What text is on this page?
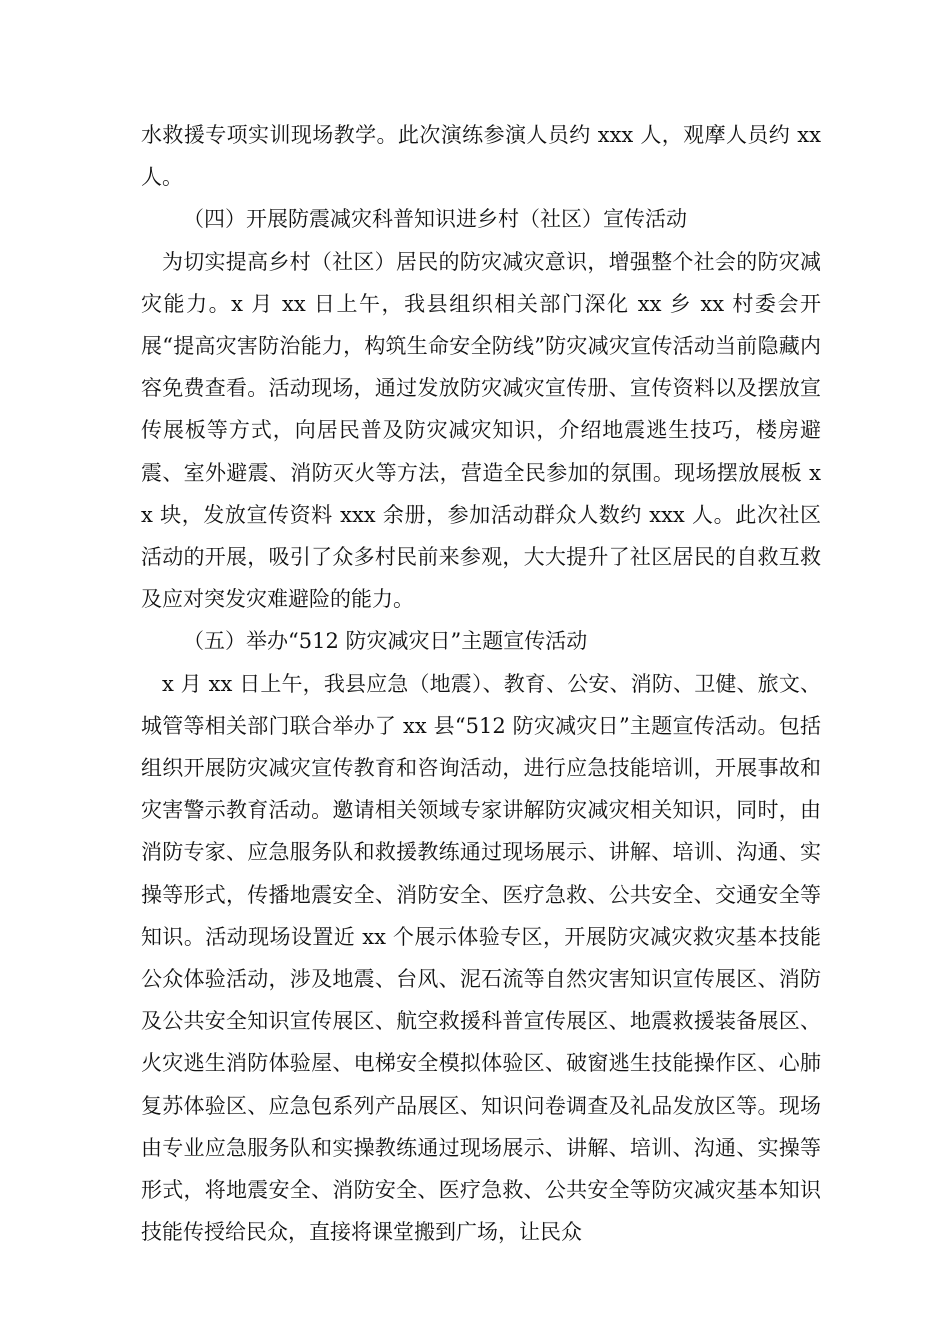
水救援专项实训现场教学。此次演练参演人员约 xxx 人，观摩人员约 xx 人。

（四）开展防震减灾科普知识进乡村（社区）宣传活动

为切实提高乡村（社区）居民的防灾减灾意识，增强整个社会的防灾减灾能力。x 月 xx 日上午，我县组织相关部门深化 xx 乡 xx 村委会开展“提高灾害防治能力，构筑生命安全防线”防灾减灾宣传活动当前隐藏内容免费查看。活动现场，通过发放防灾减灾宣传册、宣传资料以及摆放宣传展板等方式，向居民普及防灾减灾知识，介绍地震逃生技巧，楼房避震、室外避震、消防灭火等方法，营造全民参加的氛围。现场摆放展板 xx 块，发放宣传资料 xxx 余册，参加活动群众人数约 xxx 人。此次社区活动的开展，吸引了众多村民前来参观，大大提升了社区居民的自救互救及应对突发灾难避险的能力。

（五）举办“512 防灾减灾日”主题宣传活动

x 月 xx 日上午，我县应急（地震）、教育、公安、消防、卫健、旅文、城管等相关部门联合举办了 xx 县“512 防灾减灾日”主题宣传活动。包括组织开展防灾减灾宣传教育和咨询活动，进行应急技能培训，开展事故和灾害警示教育活动。邀请相关领域专家讲解防灾减灾相关知识，同时，由消防专家、应急服务队和救援教练通过现场展示、讲解、培训、沟通、实操等形式，传播地震安全、消防安全、医疗急救、公共安全、交通安全等知识。活动现场设置近 xx 个展示体验专区，开展防灾减灾救灾基本技能公众体验活动，涉及地震、台风、泥石流等自然灾害知识宣传展区、消防及公共安全知识宣传展区、航空救援科普宣传展区、地震救援装备展区、火灾逃生消防体验屋、电梯安全模拟体验区、破窗逃生技能操作区、心肺复苏体验区、应急包系列产品展区、知识问卷调查及礼品发放区等。现场由专业应急服务队和实操教练通过现场展示、讲解、培训、沟通、实操等形式，将地震安全、消防安全、医疗急救、公共安全等防灾减灾基本知识技能传授给民众，直接将课堂搬到广场，让民众
